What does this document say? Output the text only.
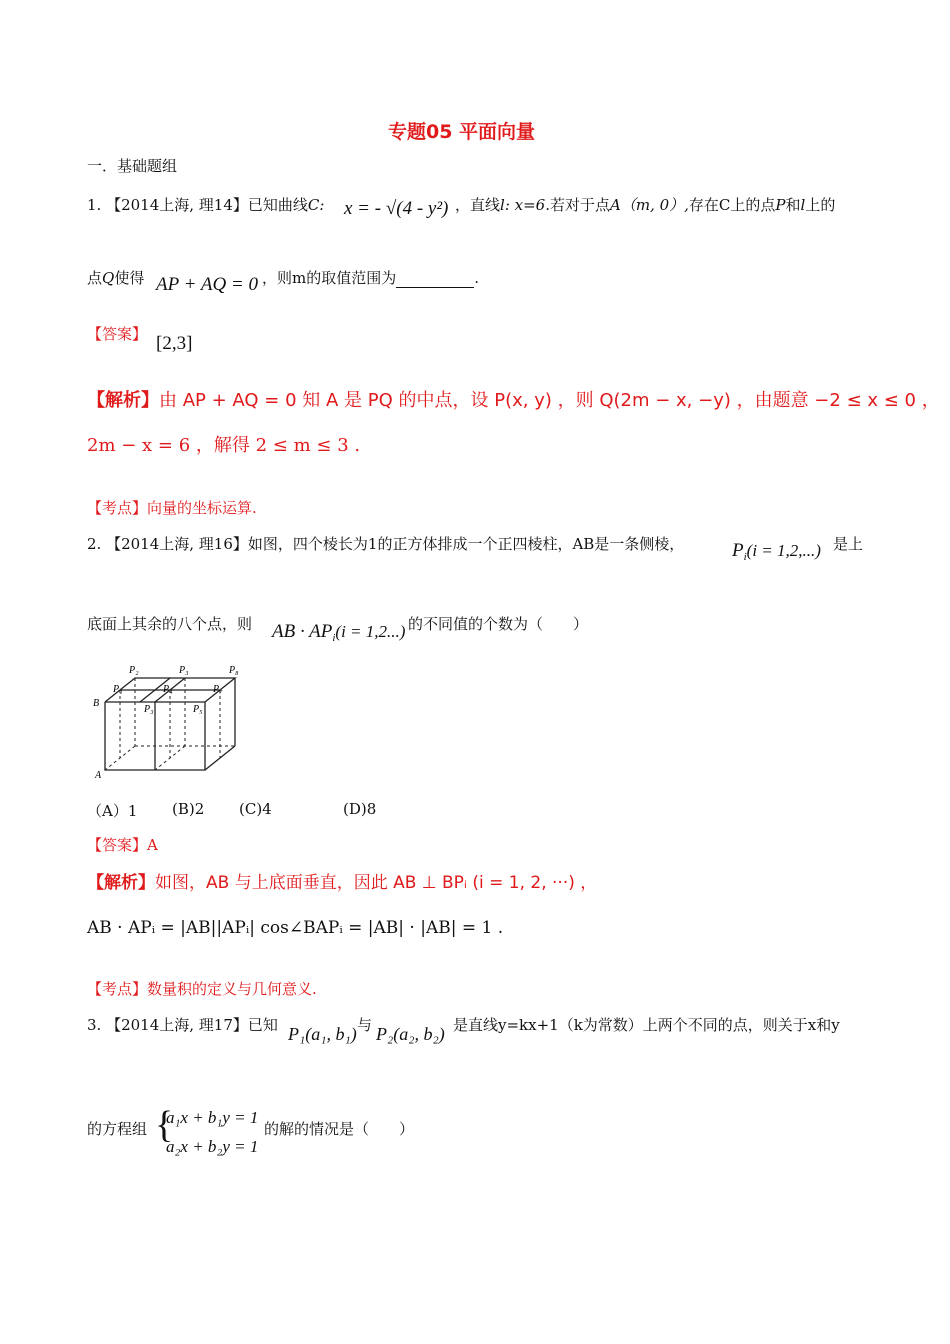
专题05 平面向量
一．基础题组
1. 【2014上海, 理14】已知曲线C: x = - √(4 - y²) ，直线l: x=6.若对于点A（m, 0）,存在C上的点P和l上的
点Q使得 AP + AQ = 0 ，则m的取值范围为	.
【答案】 [2,3]
【解析】由 AP + AQ = 0 知 A 是 PQ 的中点，设 P(x, y) ，则 Q(2m − x, −y) ，由题意 −2 ≤ x ≤ 0 ，
2m − x = 6 ，解得 2 ≤ m ≤ 3 .
【考点】向量的坐标运算.
2. 【2014上海, 理16】如图，四个棱长为1的正方体排成一个正四棱柱，AB是一条侧棱，	$P_i(i = 1,2,...)$ 是上
底面上其余的八个点，则 AB · $AP_i(i = 1,2...)$ 的不同值的个数为（　　）
P₂	P₃	P₈
P₁	P₄	P₇
B
P₃	P₅
A
（A）1 (B)2 (C)4	(D)8
【答案】A
【解析】如图，AB 与上底面垂直，因此 AB ⊥ BPᵢ (i = 1, 2, ···) ，
AB · APᵢ = |AB||APᵢ| cos∠BAPᵢ = |AB| · |AB| = 1 .
【考点】数量积的定义与几何意义.
3. 【2014上海, 理17】已知 P₁(a₁, b₁) 与 P₂(a₂, b₂) 是直线y=kx+1（k为常数）上两个不同的点，则关于x和y
的方程组 {
a₁x + b₁y = 1
a₂x + b₂y = 1
的解的情况是（　　）
